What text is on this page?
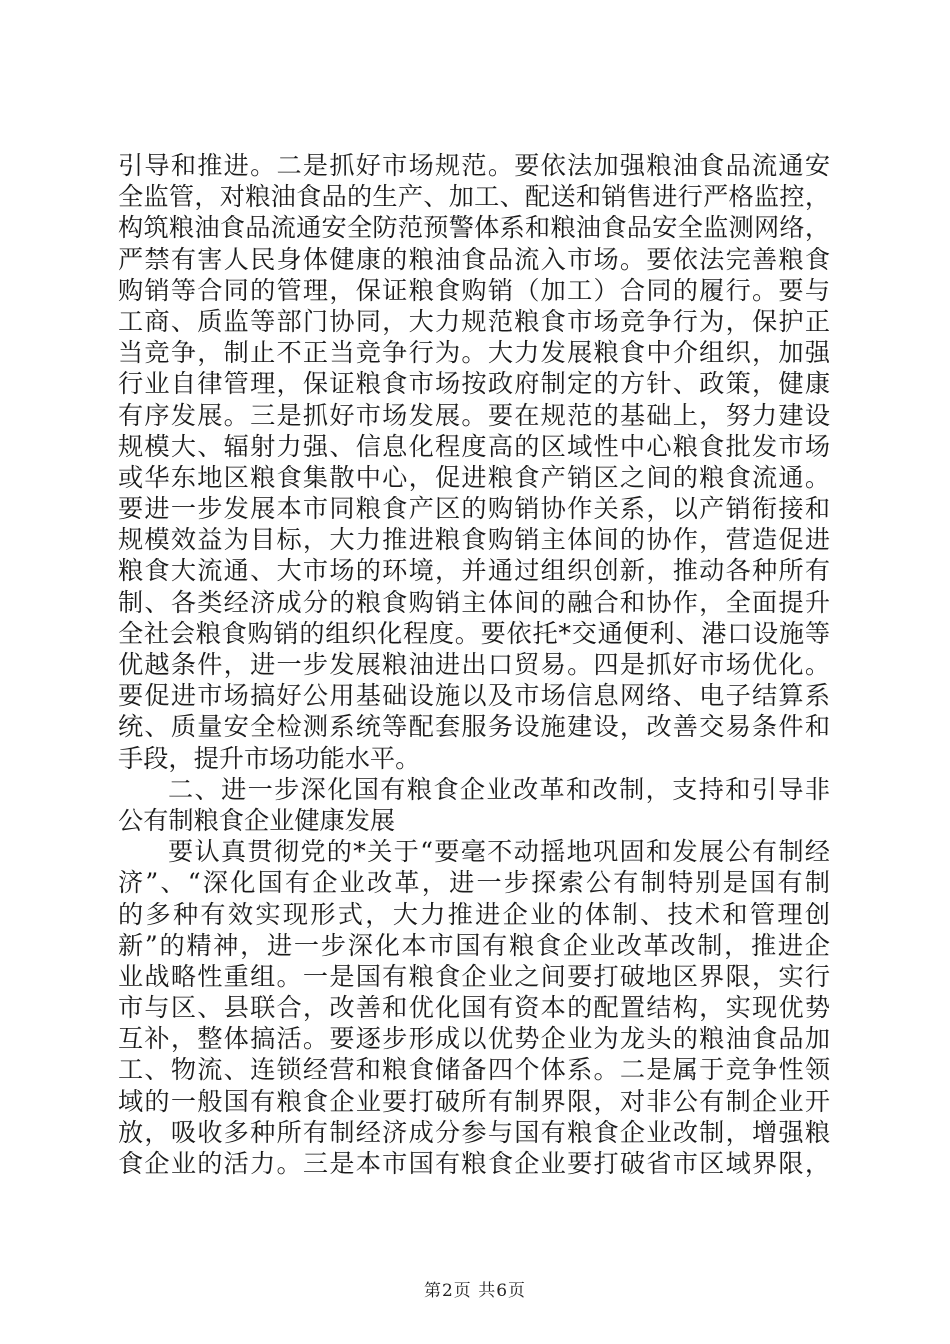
引导和推进。二是抓好市场规范。要依法加强粮油食品流通安
全监管，对粮油食品的生产、加工、配送和销售进行严格监控，
构筑粮油食品流通安全防范预警体系和粮油食品安全监测网络，
严禁有害人民身体健康的粮油食品流入市场。要依法完善粮食
购销等合同的管理，保证粮食购销（加工）合同的履行。要与
工商、质监等部门协同，大力规范粮食市场竞争行为，保护正
当竞争，制止不正当竞争行为。大力发展粮食中介组织，加强
行业自律管理，保证粮食市场按政府制定的方针、政策，健康
有序发展。三是抓好市场发展。要在规范的基础上，努力建设
规模大、辐射力强、信息化程度高的区域性中心粮食批发市场
或华东地区粮食集散中心，促进粮食产销区之间的粮食流通。
要进一步发展本市同粮食产区的购销协作关系，以产销衔接和
规模效益为目标，大力推进粮食购销主体间的协作，营造促进
粮食大流通、大市场的环境，并通过组织创新，推动各种所有
制、各类经济成分的粮食购销主体间的融合和协作，全面提升
全社会粮食购销的组织化程度。要依托*交通便利、港口设施等
优越条件，进一步发展粮油进出口贸易。四是抓好市场优化。
要促进市场搞好公用基础设施以及市场信息网络、电子结算系
统、质量安全检测系统等配套服务设施建设，改善交易条件和
手段，提升市场功能水平。
二、进一步深化国有粮食企业改革和改制，支持和引导非
公有制粮食企业健康发展
要认真贯彻党的*关于“要毫不动摇地巩固和发展公有制经
济”、“深化国有企业改革，进一步探索公有制特别是国有制
的多种有效实现形式，大力推进企业的体制、技术和管理创
新”的精神，进一步深化本市国有粮食企业改革改制，推进企
业战略性重组。一是国有粮食企业之间要打破地区界限，实行
市与区、县联合，改善和优化国有资本的配置结构，实现优势
互补，整体搞活。要逐步形成以优势企业为龙头的粮油食品加
工、物流、连锁经营和粮食储备四个体系。二是属于竞争性领
域的一般国有粮食企业要打破所有制界限，对非公有制企业开
放，吸收多种所有制经济成分参与国有粮食企业改制，增强粮
食企业的活力。三是本市国有粮食企业要打破省市区域界限，
第2页 共6页
